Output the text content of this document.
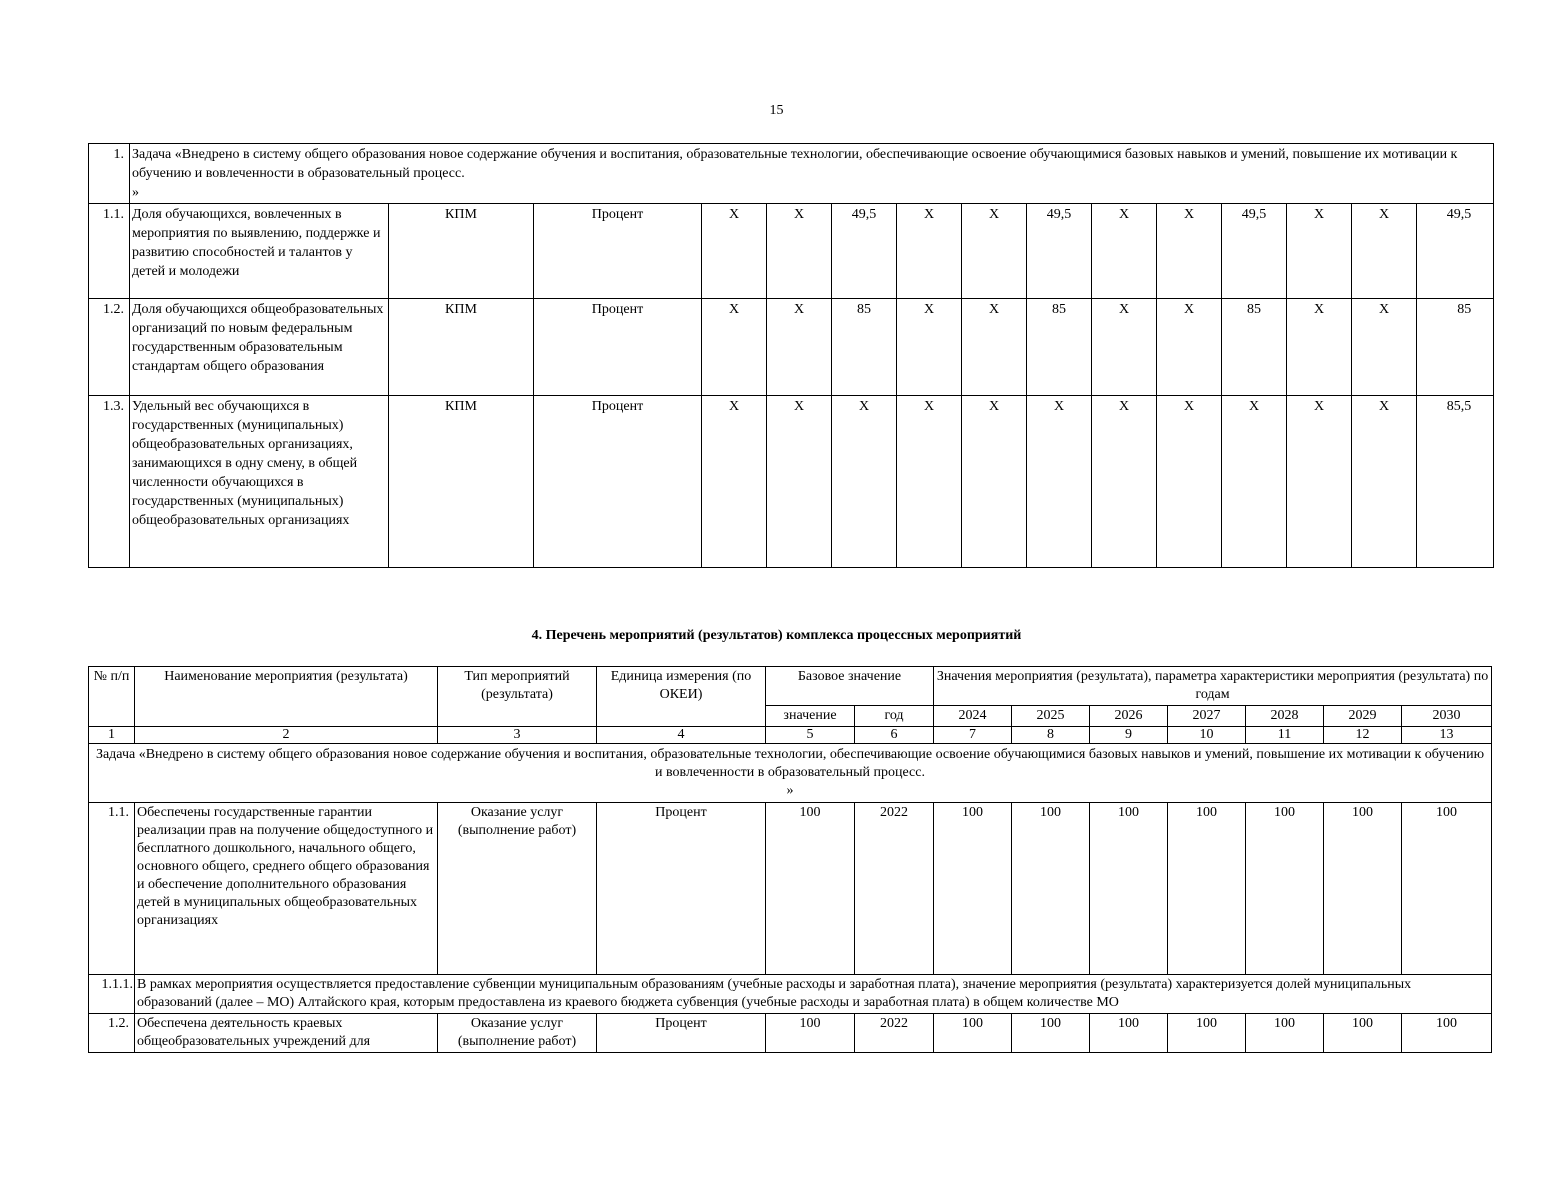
15
1.	Задача «Внедрено в систему общего образования новое содержание обучения и воспитания, образовательные технологии, обеспечивающие освоение обучающимися базовых навыков и умений, повышение их мотивации к обучению и вовлеченности в образовательный процесс.
»														
1.1.	Доля обучающихся, вовлеченных в мероприятия по выявлению, поддержке и развитию способностей и талантов у детей и молодежи	КПМ	Процент	X	X	49,5	X	X	49,5	X	X	49,5	X	X	49,5
1.2.	Доля обучающихся общеобразовательных организаций по новым федеральным государственным образовательным стандартам общего образования	КПМ	Процент	X	X	85	X	X	85	X	X	85	X	X	85
1.3.	Удельный вес обучающихся в государственных (муниципальных) общеобразовательных организациях, занимающихся в одну смену, в общей численности обучающихся в государственных (муниципальных) общеобразовательных организациях	КПМ	Процент	X	X	X	X	X	X	X	X	X	X	X	85,5
4. Перечень мероприятий (результатов) комплекса процессных мероприятий
№ п/п	Наименование мероприятия (результата)	Тип мероприятий (результата)	Единица измерения (по ОКЕИ)	Базовое значение		Значения мероприятия (результата), параметра характеристики мероприятия (результата) по годам						
				значение	год	2024	2025	2026	2027	2028	2029	2030
1	2	3	4	5	6	7	8	9	10	11	12	13
Задача «Внедрено в систему общего образования новое содержание обучения и воспитания, образовательные технологии, обеспечивающие освоение обучающимися базовых навыков и умений, повышение их мотивации к обучению и вовлеченности в образовательный процесс.
»												
1.1.	Обеспечены государственные гарантии реализации прав на получение общедоступного и бесплатного дошкольного, начального общего, основного общего, среднего общего образования и обеспечение дополнительного образования детей в муниципальных общеобразовательных организациях	Оказание услуг (выполнение работ)	Процент	100	2022	100	100	100	100	100	100	100
1.1.1.	В рамках мероприятия осуществляется предоставление субвенции муниципальным образованиям (учебные расходы и заработная плата), значение мероприятия (результата) характеризуется долей муниципальных образований (далее – МО) Алтайского края, которым предоставлена из краевого бюджета субвенция (учебные расходы и заработная плата) в общем количестве МО											
1.2.	Обеспечена деятельность краевых общеобразовательных учреждений для	Оказание услуг (выполнение работ)	Процент	100	2022	100	100	100	100	100	100	100
